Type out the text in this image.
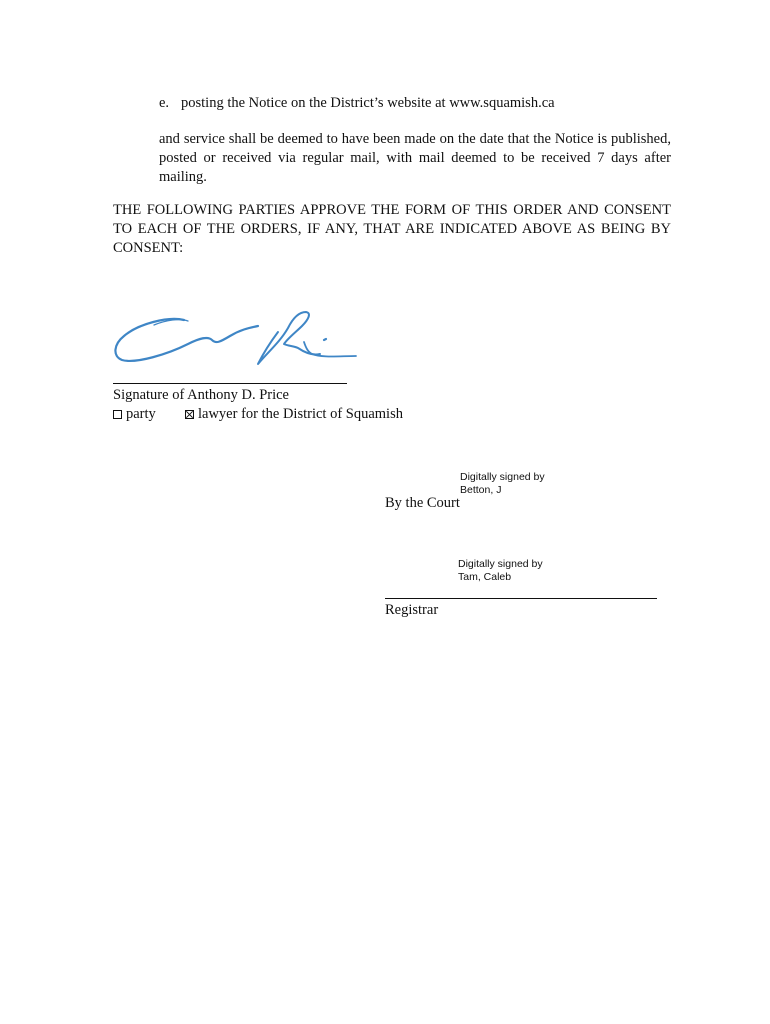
e. posting the Notice on the District’s website at www.squamish.ca
and service shall be deemed to have been made on the date that the Notice is published, posted or received via regular mail, with mail deemed to be received 7 days after mailing.
THE FOLLOWING PARTIES APPROVE THE FORM OF THIS ORDER AND CONSENT TO EACH OF THE ORDERS, IF ANY, THAT ARE INDICATED ABOVE AS BEING BY CONSENT:
Signature of Anthony D. Price
party	lawyer for the District of Squamish
Digitally signed by
Betton, J
By the Court
Digitally signed by
Tam, Caleb
Registrar
